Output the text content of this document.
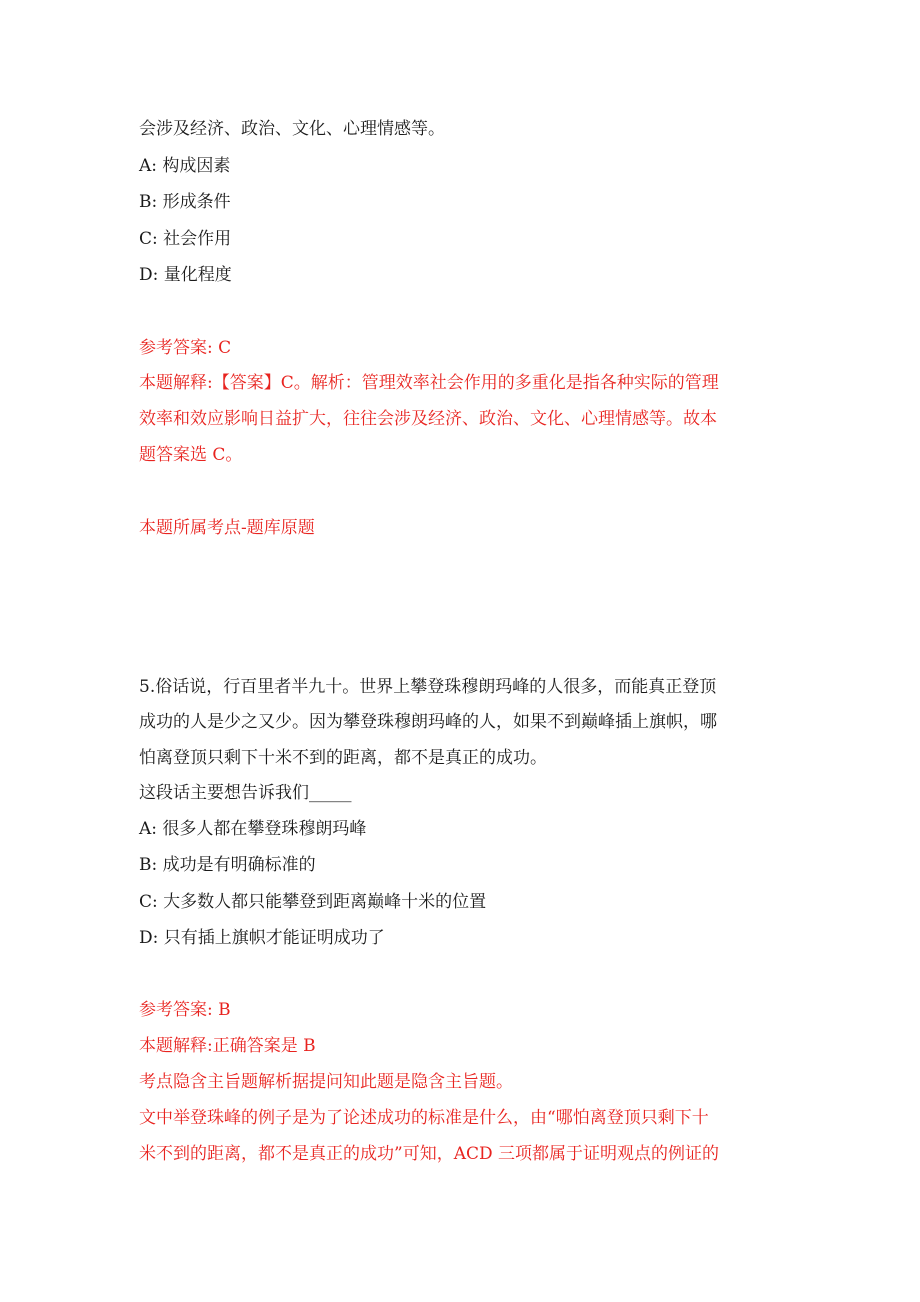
会涉及经济、政治、文化、心理情感等。
A: 构成因素
B: 形成条件
C: 社会作用
D: 量化程度
参考答案: C
本题解释:【答案】C。解析：管理效率社会作用的多重化是指各种实际的管理
效率和效应影响日益扩大，往往会涉及经济、政治、文化、心理情感等。故本
题答案选 C。
本题所属考点-题库原题
5.俗话说，行百里者半九十。世界上攀登珠穆朗玛峰的人很多，而能真正登顶
成功的人是少之又少。因为攀登珠穆朗玛峰的人，如果不到巅峰插上旗帜，哪
怕离登顶只剩下十米不到的距离，都不是真正的成功。
这段话主要想告诉我们_____
A: 很多人都在攀登珠穆朗玛峰
B: 成功是有明确标准的
C: 大多数人都只能攀登到距离巅峰十米的位置
D: 只有插上旗帜才能证明成功了
参考答案: B
本题解释:正确答案是 B
考点隐含主旨题解析据提问知此题是隐含主旨题。
文中举登珠峰的例子是为了论述成功的标准是什么，由“哪怕离登顶只剩下十
米不到的距离，都不是真正的成功”可知，ACD 三项都属于证明观点的例证的
